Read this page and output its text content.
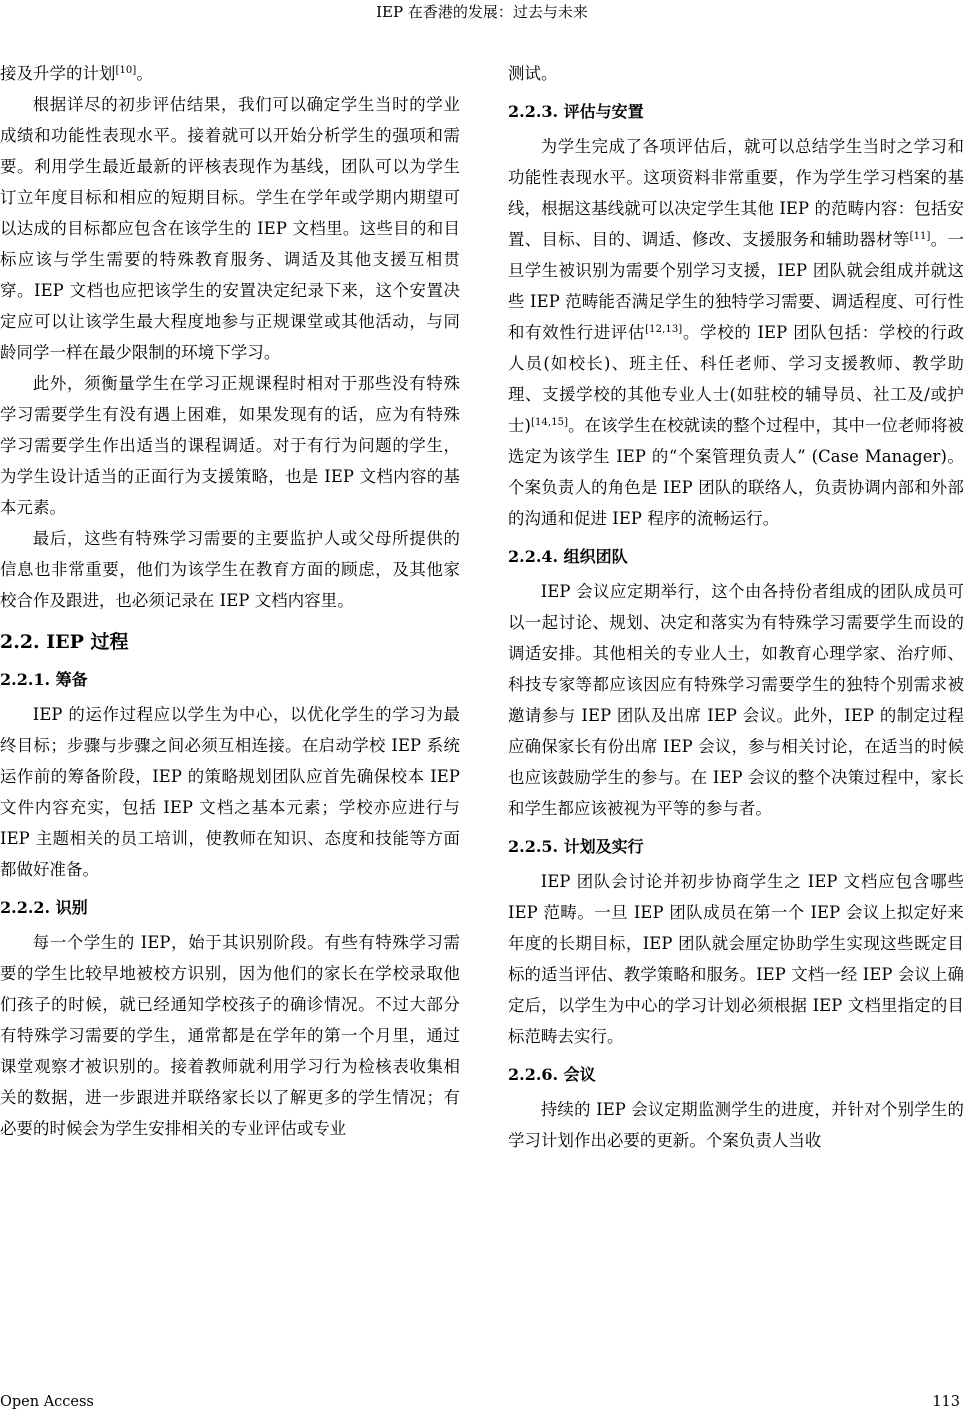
IEP 在香港的发展：过去与未来

接及升学的计划[10]。

根据详尽的初步评估结果，我们可以确定学生当时的学业成绩和功能性表现水平。接着就可以开始分析学生的强项和需要。利用学生最近最新的评核表现作为基线，团队可以为学生订立年度目标和相应的短期目标。学生在学年或学期内期望可以达成的目标都应包含在该学生的 IEP 文档里。这些目的和目标应该与学生需要的特殊教育服务、调适及其他支援互相贯穿。IEP 文档也应把该学生的安置决定纪录下来，这个安置决定应可以让该学生最大程度地参与正规课堂或其他活动，与同龄同学一样在最少限制的环境下学习。

此外，须衡量学生在学习正规课程时相对于那些没有特殊学习需要学生有没有遇上困难，如果发现有的话，应为有特殊学习需要学生作出适当的课程调适。对于有行为问题的学生，为学生设计适当的正面行为支援策略，也是 IEP 文档内容的基本元素。

最后，这些有特殊学习需要的主要监护人或父母所提供的信息也非常重要，他们为该学生在教育方面的顾虑，及其他家校合作及跟进，也必须记录在 IEP 文档内容里。

2.2. IEP 过程
2.2.1. 筹备

IEP 的运作过程应以学生为中心，以优化学生的学习为最终目标；步骤与步骤之间必须互相连接。在启动学校 IEP 系统运作前的筹备阶段，IEP 的策略规划团队应首先确保校本 IEP 文件内容充实，包括 IEP 文档之基本元素；学校亦应进行与 IEP 主题相关的员工培训，使教师在知识、态度和技能等方面都做好准备。

2.2.2. 识别

每一个学生的 IEP，始于其识别阶段。有些有特殊学习需要的学生比较早地被校方识别，因为他们的家长在学校录取他们孩子的时候，就已经通知学校孩子的确诊情况。不过大部分有特殊学习需要的学生，通常都是在学年的第一个月里，通过课堂观察才被识别的。接着教师就利用学习行为检核表收集相关的数据，进一步跟进并联络家长以了解更多的学生情况；有必要的时候会为学生安排相关的专业评估或专业

测试。

2.2.3. 评估与安置

为学生完成了各项评估后，就可以总结学生当时之学习和功能性表现水平。这项资料非常重要，作为学生学习档案的基线，根据这基线就可以决定学生其他 IEP 的范畴内容：包括安置、目标、目的、调适、修改、支援服务和辅助器材等[11]。一旦学生被识别为需要个别学习支援，IEP 团队就会组成并就这些 IEP 范畴能否满足学生的独特学习需要、调适程度、可行性和有效性行进评估[12,13]。学校的 IEP 团队包括：学校的行政人员(如校长)、班主任、科任老师、学习支援教师、教学助理、支援学校的其他专业人士(如驻校的辅导员、社工及/或护士)[14,15]。在该学生在校就读的整个过程中，其中一位老师将被选定为该学生 IEP 的“个案管理负责人” (Case Manager)。个案负责人的角色是 IEP 团队的联络人，负责协调内部和外部的沟通和促进 IEP 程序的流畅运行。

2.2.4. 组织团队

IEP 会议应定期举行，这个由各持份者组成的团队成员可以一起讨论、规划、决定和落实为有特殊学习需要学生而设的调适安排。其他相关的专业人士，如教育心理学家、治疗师、科技专家等都应该因应有特殊学习需要学生的独特个别需求被邀请参与 IEP 团队及出席 IEP 会议。此外，IEP 的制定过程应确保家长有份出席 IEP 会议，参与相关讨论，在适当的时候也应该鼓励学生的参与。在 IEP 会议的整个决策过程中，家长和学生都应该被视为平等的参与者。

2.2.5. 计划及实行

IEP 团队会讨论并初步协商学生之 IEP 文档应包含哪些 IEP 范畴。一旦 IEP 团队成员在第一个 IEP 会议上拟定好来年度的长期目标，IEP 团队就会厘定协助学生实现这些既定目标的适当评估、教学策略和服务。IEP 文档一经 IEP 会议上确定后，以学生为中心的学习计划必须根据 IEP 文档里指定的目标范畴去实行。

2.2.6. 会议

持续的 IEP 会议定期监测学生的进度，并针对个别学生的学习计划作出必要的更新。个案负责人当收

Open Access	113
